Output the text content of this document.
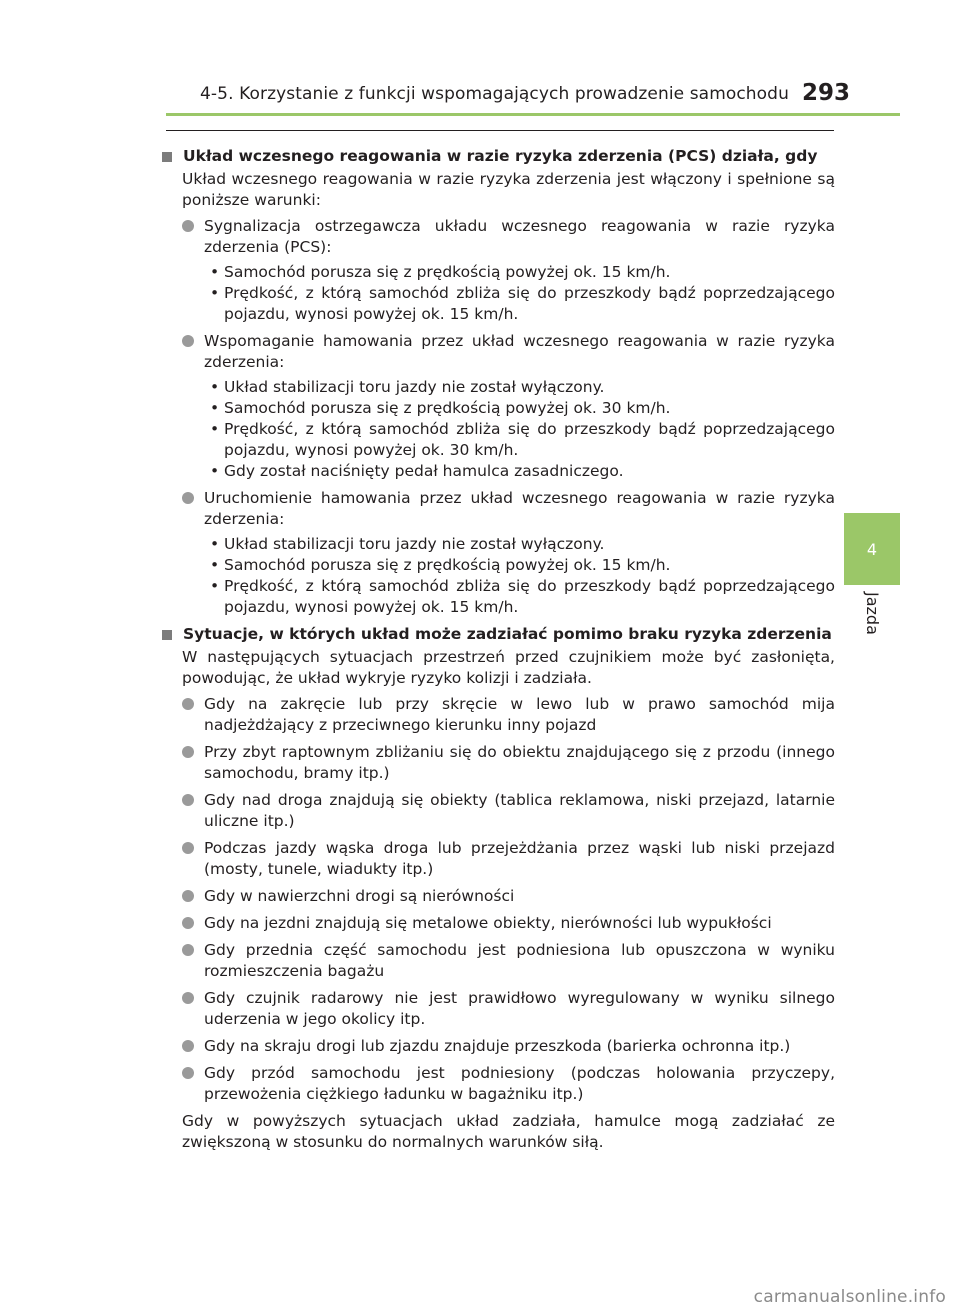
4-5. Korzystanie z funkcji wspomagających prowadzenie samochodu 293
4
Jazda
Układ wczesnego reagowania w razie ryzyka zderzenia (PCS) działa, gdy
Układ wczesnego reagowania w razie ryzyka zderzenia jest włączony i spełnione są poniższe warunki:
Sygnalizacja ostrzegawcza układu wczesnego reagowania w razie ryzyka zderzenia (PCS):
• Samochód porusza się z prędkością powyżej ok. 15 km/h.
• Prędkość, z którą samochód zbliża się do przeszkody bądź poprzedzającego pojazdu, wynosi powyżej ok. 15 km/h.
Wspomaganie hamowania przez układ wczesnego reagowania w razie ryzyka zderzenia:
• Układ stabilizacji toru jazdy nie został wyłączony.
• Samochód porusza się z prędkością powyżej ok. 30 km/h.
• Prędkość, z którą samochód zbliża się do przeszkody bądź poprzedzającego pojazdu, wynosi powyżej ok. 30 km/h.
• Gdy został naciśnięty pedał hamulca zasadniczego.
Uruchomienie hamowania przez układ wczesnego reagowania w razie ryzyka zderzenia:
• Układ stabilizacji toru jazdy nie został wyłączony.
• Samochód porusza się z prędkością powyżej ok. 15 km/h.
• Prędkość, z którą samochód zbliża się do przeszkody bądź poprzedzającego pojazdu, wynosi powyżej ok. 15 km/h.
Sytuacje, w których układ może zadziałać pomimo braku ryzyka zderzenia
W następujących sytuacjach przestrzeń przed czujnikiem może być zasłonięta, powodując, że układ wykryje ryzyko kolizji i zadziała.
Gdy na zakręcie lub przy skręcie w lewo lub w prawo samochód mija nadjeżdżający z przeciwnego kierunku inny pojazd
Przy zbyt raptownym zbliżaniu się do obiektu znajdującego się z przodu (innego samochodu, bramy itp.)
Gdy nad droga znajdują się obiekty (tablica reklamowa, niski przejazd, latarnie uliczne itp.)
Podczas jazdy wąska droga lub przejeżdżania przez wąski lub niski przejazd (mosty, tunele, wiadukty itp.)
Gdy w nawierzchni drogi są nierówności
Gdy na jezdni znajdują się metalowe obiekty, nierówności lub wypukłości
Gdy przednia część samochodu jest podniesiona lub opuszczona w wyniku rozmieszczenia bagażu
Gdy czujnik radarowy nie jest prawidłowo wyregulowany w wyniku silnego uderzenia w jego okolicy itp.
Gdy na skraju drogi lub zjazdu znajduje przeszkoda (barierka ochronna itp.)
Gdy przód samochodu jest podniesiony (podczas holowania przyczepy, przewożenia ciężkiego ładunku w bagażniku itp.)
Gdy w powyższych sytuacjach układ zadziała, hamulce mogą zadziałać ze zwiększoną w stosunku do normalnych warunków siłą.
carmanualsonline.info
